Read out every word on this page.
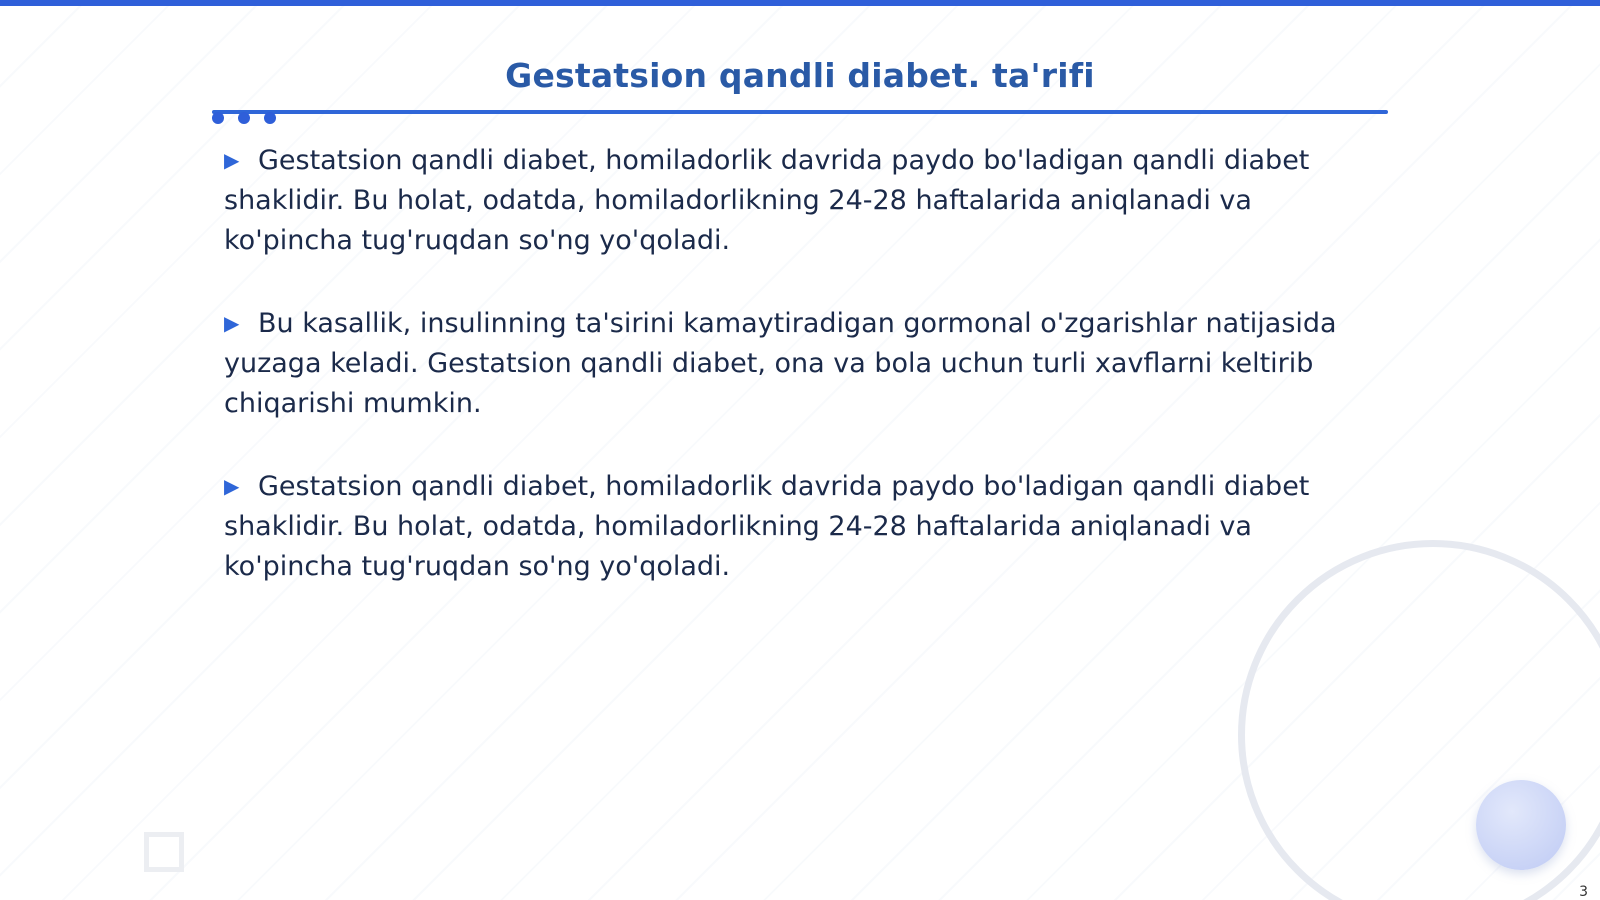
Gestatsion qandli diabet. ta'rifi

▶ Gestatsion qandli diabet, homiladorlik davrida paydo bo'ladigan qandli diabet shaklidir. Bu holat, odatda, homiladorlikning 24-28 haftalarida aniqlanadi va ko'pincha tug'ruqdan so'ng yo'qoladi.

▶ Bu kasallik, insulinning ta'sirini kamaytiradigan gormonal o'zgarishlar natijasida yuzaga keladi. Gestatsion qandli diabet, ona va bola uchun turli xavflarni keltirib chiqarishi mumkin.

▶ Gestatsion qandli diabet, homiladorlik davrida paydo bo'ladigan qandli diabet shaklidir. Bu holat, odatda, homiladorlikning 24-28 haftalarida aniqlanadi va ko'pincha tug'ruqdan so'ng yo'qoladi.

3
